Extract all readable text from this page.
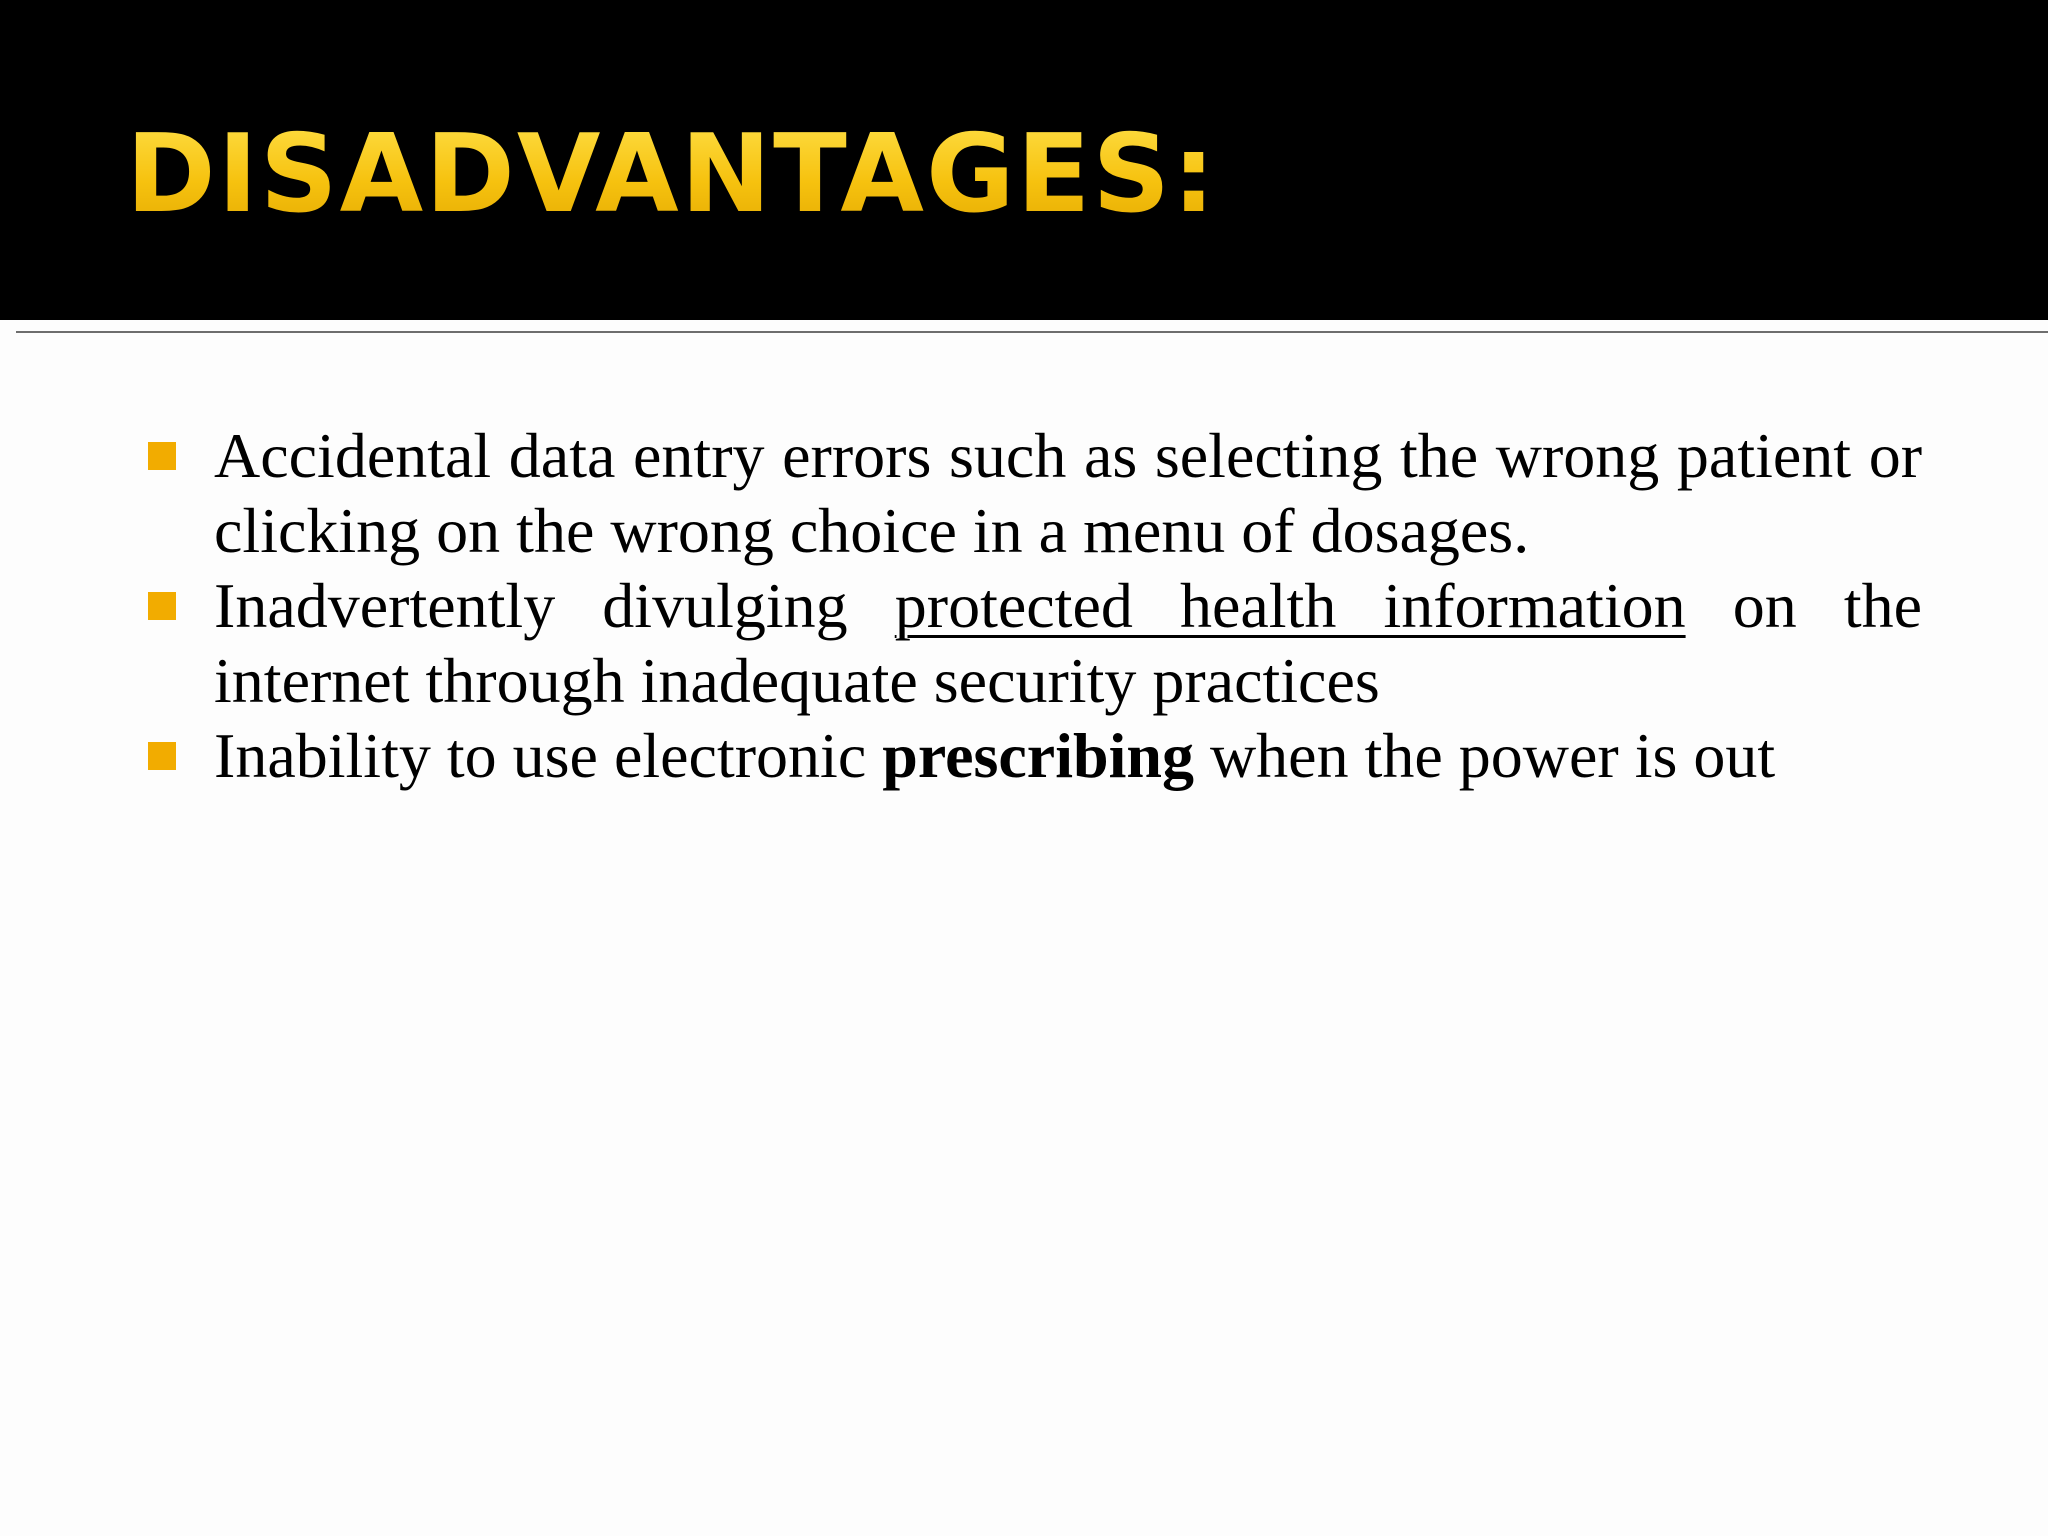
DISADVANTAGES:
Accidental data entry errors such as selecting the wrong patient or clicking on the wrong choice in a menu of dosages.
Inadvertently divulging protected health information on the internet through inadequate security practices
Inability to use electronic prescribing when the power is out
